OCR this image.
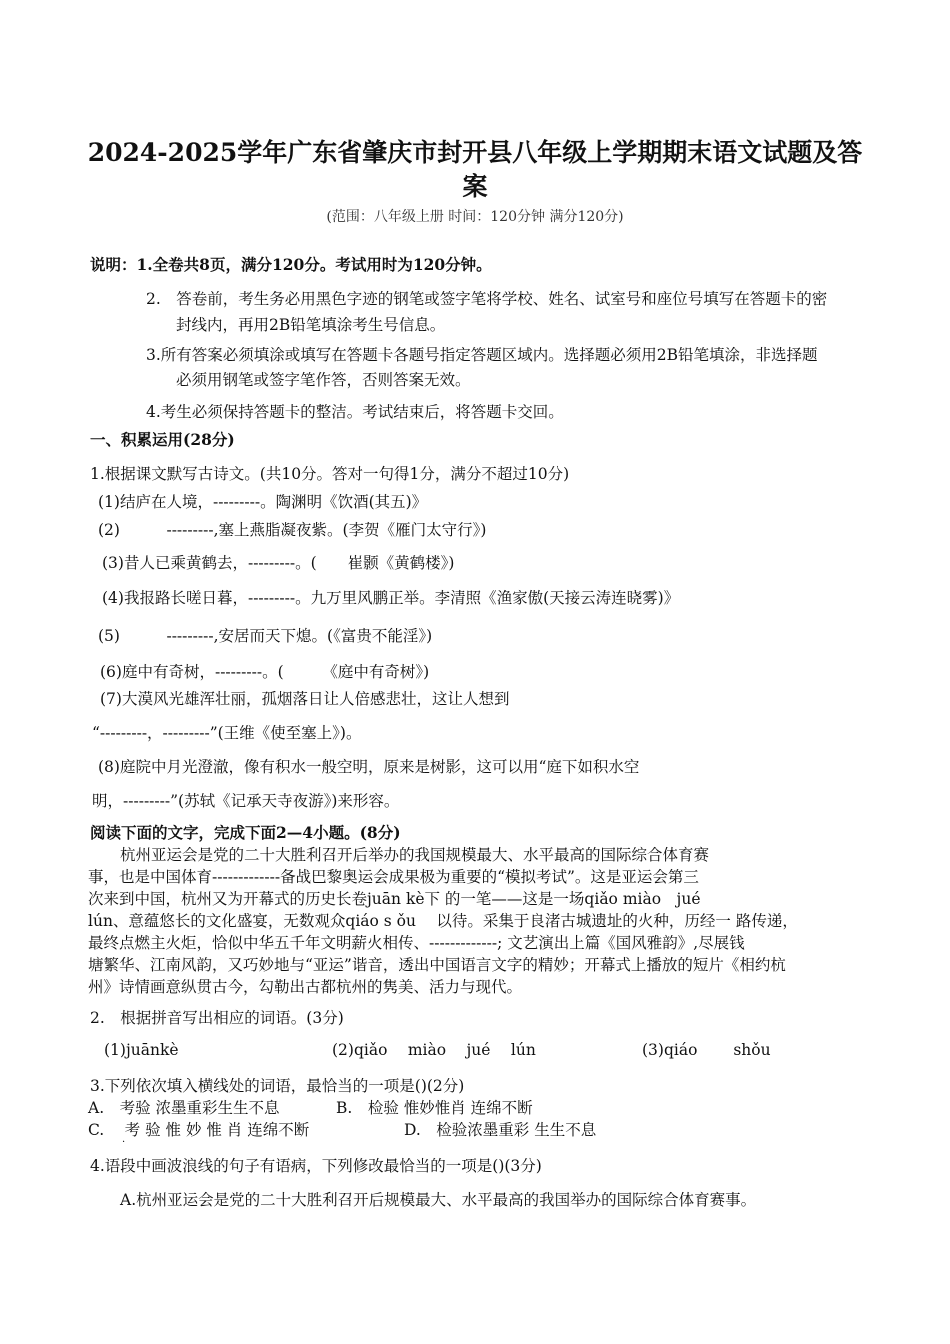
2024-2025学年广东省肇庆市封开县八年级上学期期末语文试题及答
案
(范围：八年级上册 时间：120分钟 满分120分)
说明：1.全卷共8页，满分120分。考试用时为120分钟。
2.　答卷前，考生务必用黑色字迹的钢笔或签字笔将学校、姓名、试室号和座位号填写在答题卡的密
封线内，再用2B铅笔填涂考生号信息。
3.所有答案必须填涂或填写在答题卡各题号指定答题区域内。选择题必须用2B铅笔填涂，非选择题
必须用钢笔或签字笔作答，否则答案无效。
4.考生必须保持答题卡的整洁。考试结束后，将答题卡交回。
一、积累运用(28分)
1.根据课文默写古诗文。(共10分。答对一句得1分，满分不超过10分)
(1)结庐在人境，---------。陶渊明《饮酒(其五)》
(2)　　　---------,塞上燕脂凝夜紫。(李贺《雁门太守行》)
(3)昔人已乘黄鹤去，---------。(　　崔颢《黄鹤楼》)
(4)我报路长嗟日暮，---------。九万里风鹏正举。李清照《渔家傲(天接云涛连晓雾)》
(5)　　　---------,安居而天下熄。(《富贵不能淫》)
(6)庭中有奇树，---------。(　　　《庭中有奇树》)
(7)大漠风光雄浑壮丽，孤烟落日让人倍感悲壮，这让人想到
“---------，---------”(王维《使至塞上》)。
(8)庭院中月光澄澈，像有积水一般空明，原来是树影，这可以用“庭下如积水空
明，---------”(苏轼《记承天寺夜游》)来形容。
阅读下面的文字，完成下面2—4小题。(8分)
杭州亚运会是党的二十大胜利召开后举办的我国规模最大、水平最高的国际综合体育赛
事，也是中国体育-------------备战巴黎奥运会成果极为重要的“模拟考试”。这是亚运会第三
次来到中国，杭州又为开幕式的历史长卷juān kè下 的一笔——这是一场qiǎo miào　jué
lún、意蕴悠长的文化盛宴，无数观众qiáo s ǒu　 以待。采集于良渚古城遗址的火种，历经一 路传递，
最终点燃主火炬，恰似中华五千年文明薪火相传、-------------; 文艺演出上篇《国风雅韵》,尽展钱
塘繁华、江南风韵，又巧妙地与“亚运”谐音，透出中国语言文字的精妙；开幕式上播放的短片《相约杭
州》诗情画意纵贯古今，勾勒出古都杭州的隽美、活力与现代。
2.　根据拼音写出相应的词语。(3分)
(1)juānkè	(2)qiǎo　 miào　 jué　 lún	(3)qiáo　　 shǒu
3.下列依次填入横线处的词语，最恰当的一项是()(2分)
A.　考验 浓墨重彩生生不息	B.　检验 惟妙惟肖 连绵不断
C.　 考 验 惟 妙 惟 肖 连绵不断
·
D.　检验浓墨重彩 生生不息
4.语段中画波浪线的句子有语病，下列修改最恰当的一项是()(3分)
A.杭州亚运会是党的二十大胜利召开后规模最大、水平最高的我国举办的国际综合体育赛事。
